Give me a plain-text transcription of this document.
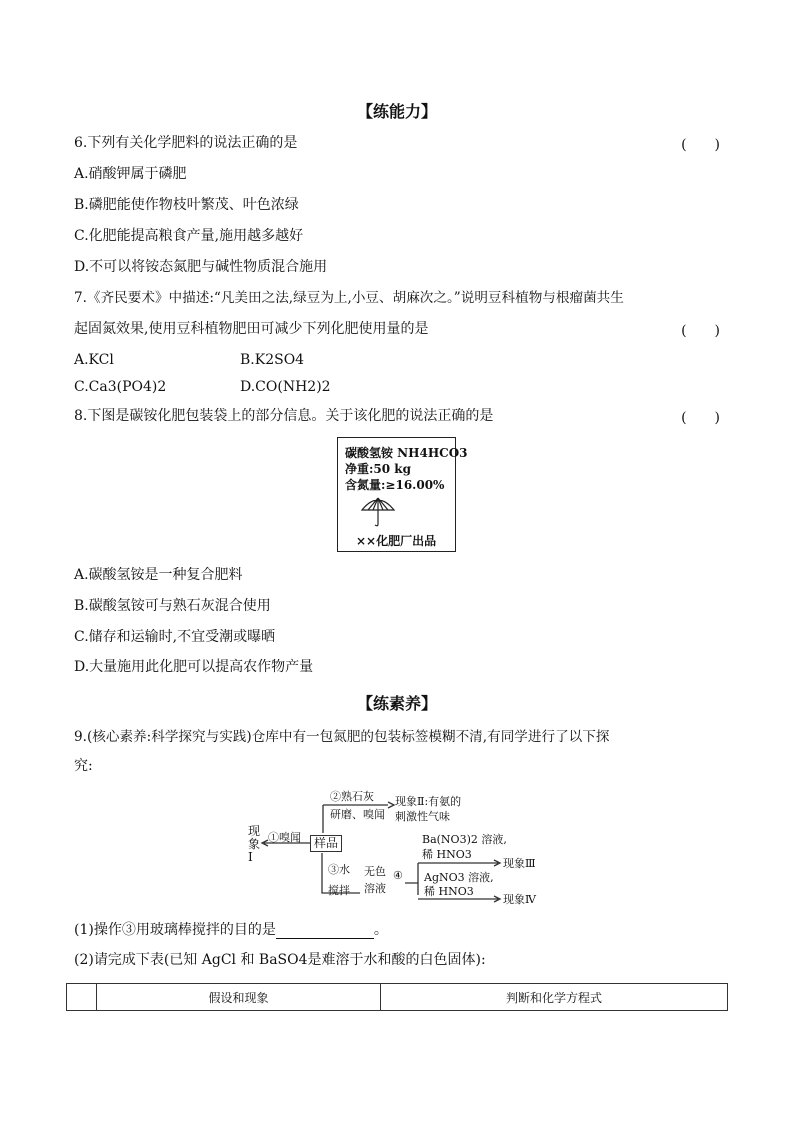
【练能力】
6.下列有关化学肥料的说法正确的是	(　　)
A.硝酸钾属于磷肥
B.磷肥能使作物枝叶繁茂、叶色浓绿
C.化肥能提高粮食产量,施用越多越好
D.不可以将铵态氮肥与碱性物质混合施用
7.《齐民要术》中描述:“凡美田之法,绿豆为上,小豆、胡麻次之。”说明豆科植物与根瘤菌共生
起固氮效果,使用豆科植物肥田可减少下列化肥使用量的是	(　　)
A.KCl	B.K2SO4
C.Ca3(PO4)2	D.CO(NH2)2
8.下图是碳铵化肥包装袋上的部分信息。关于该化肥的说法正确的是	(　　)
碳酸氢铵 NH4HCO3
净重:50 kg
含氮量:≥16.00%
××化肥厂出品
A.碳酸氢铵是一种复合肥料
B.碳酸氢铵可与熟石灰混合使用
C.储存和运输时,不宜受潮或曝晒
D.大量施用此化肥可以提高农作物产量
【练素养】
9.(核心素养:科学探究与实践)仓库中有一包氮肥的包装标签模糊不清,有同学进行了以下探
究:
样品
现象Ⅰ
①嗅闻
②熟石灰
研磨、嗅闻
现象Ⅱ:有氨的
刺激性气味
③水
搅拌
无色
溶液
④
Ba(NO3)2 溶液,
稀 HNO3
AgNO3 溶液,
稀 HNO3
现象Ⅲ
现象Ⅳ
(1)操作③用玻璃棒搅拌的目的是	。
(2)请完成下表(已知 AgCl 和 BaSO4是难溶于水和酸的白色固体):
	假设和现象	判断和化学方程式
